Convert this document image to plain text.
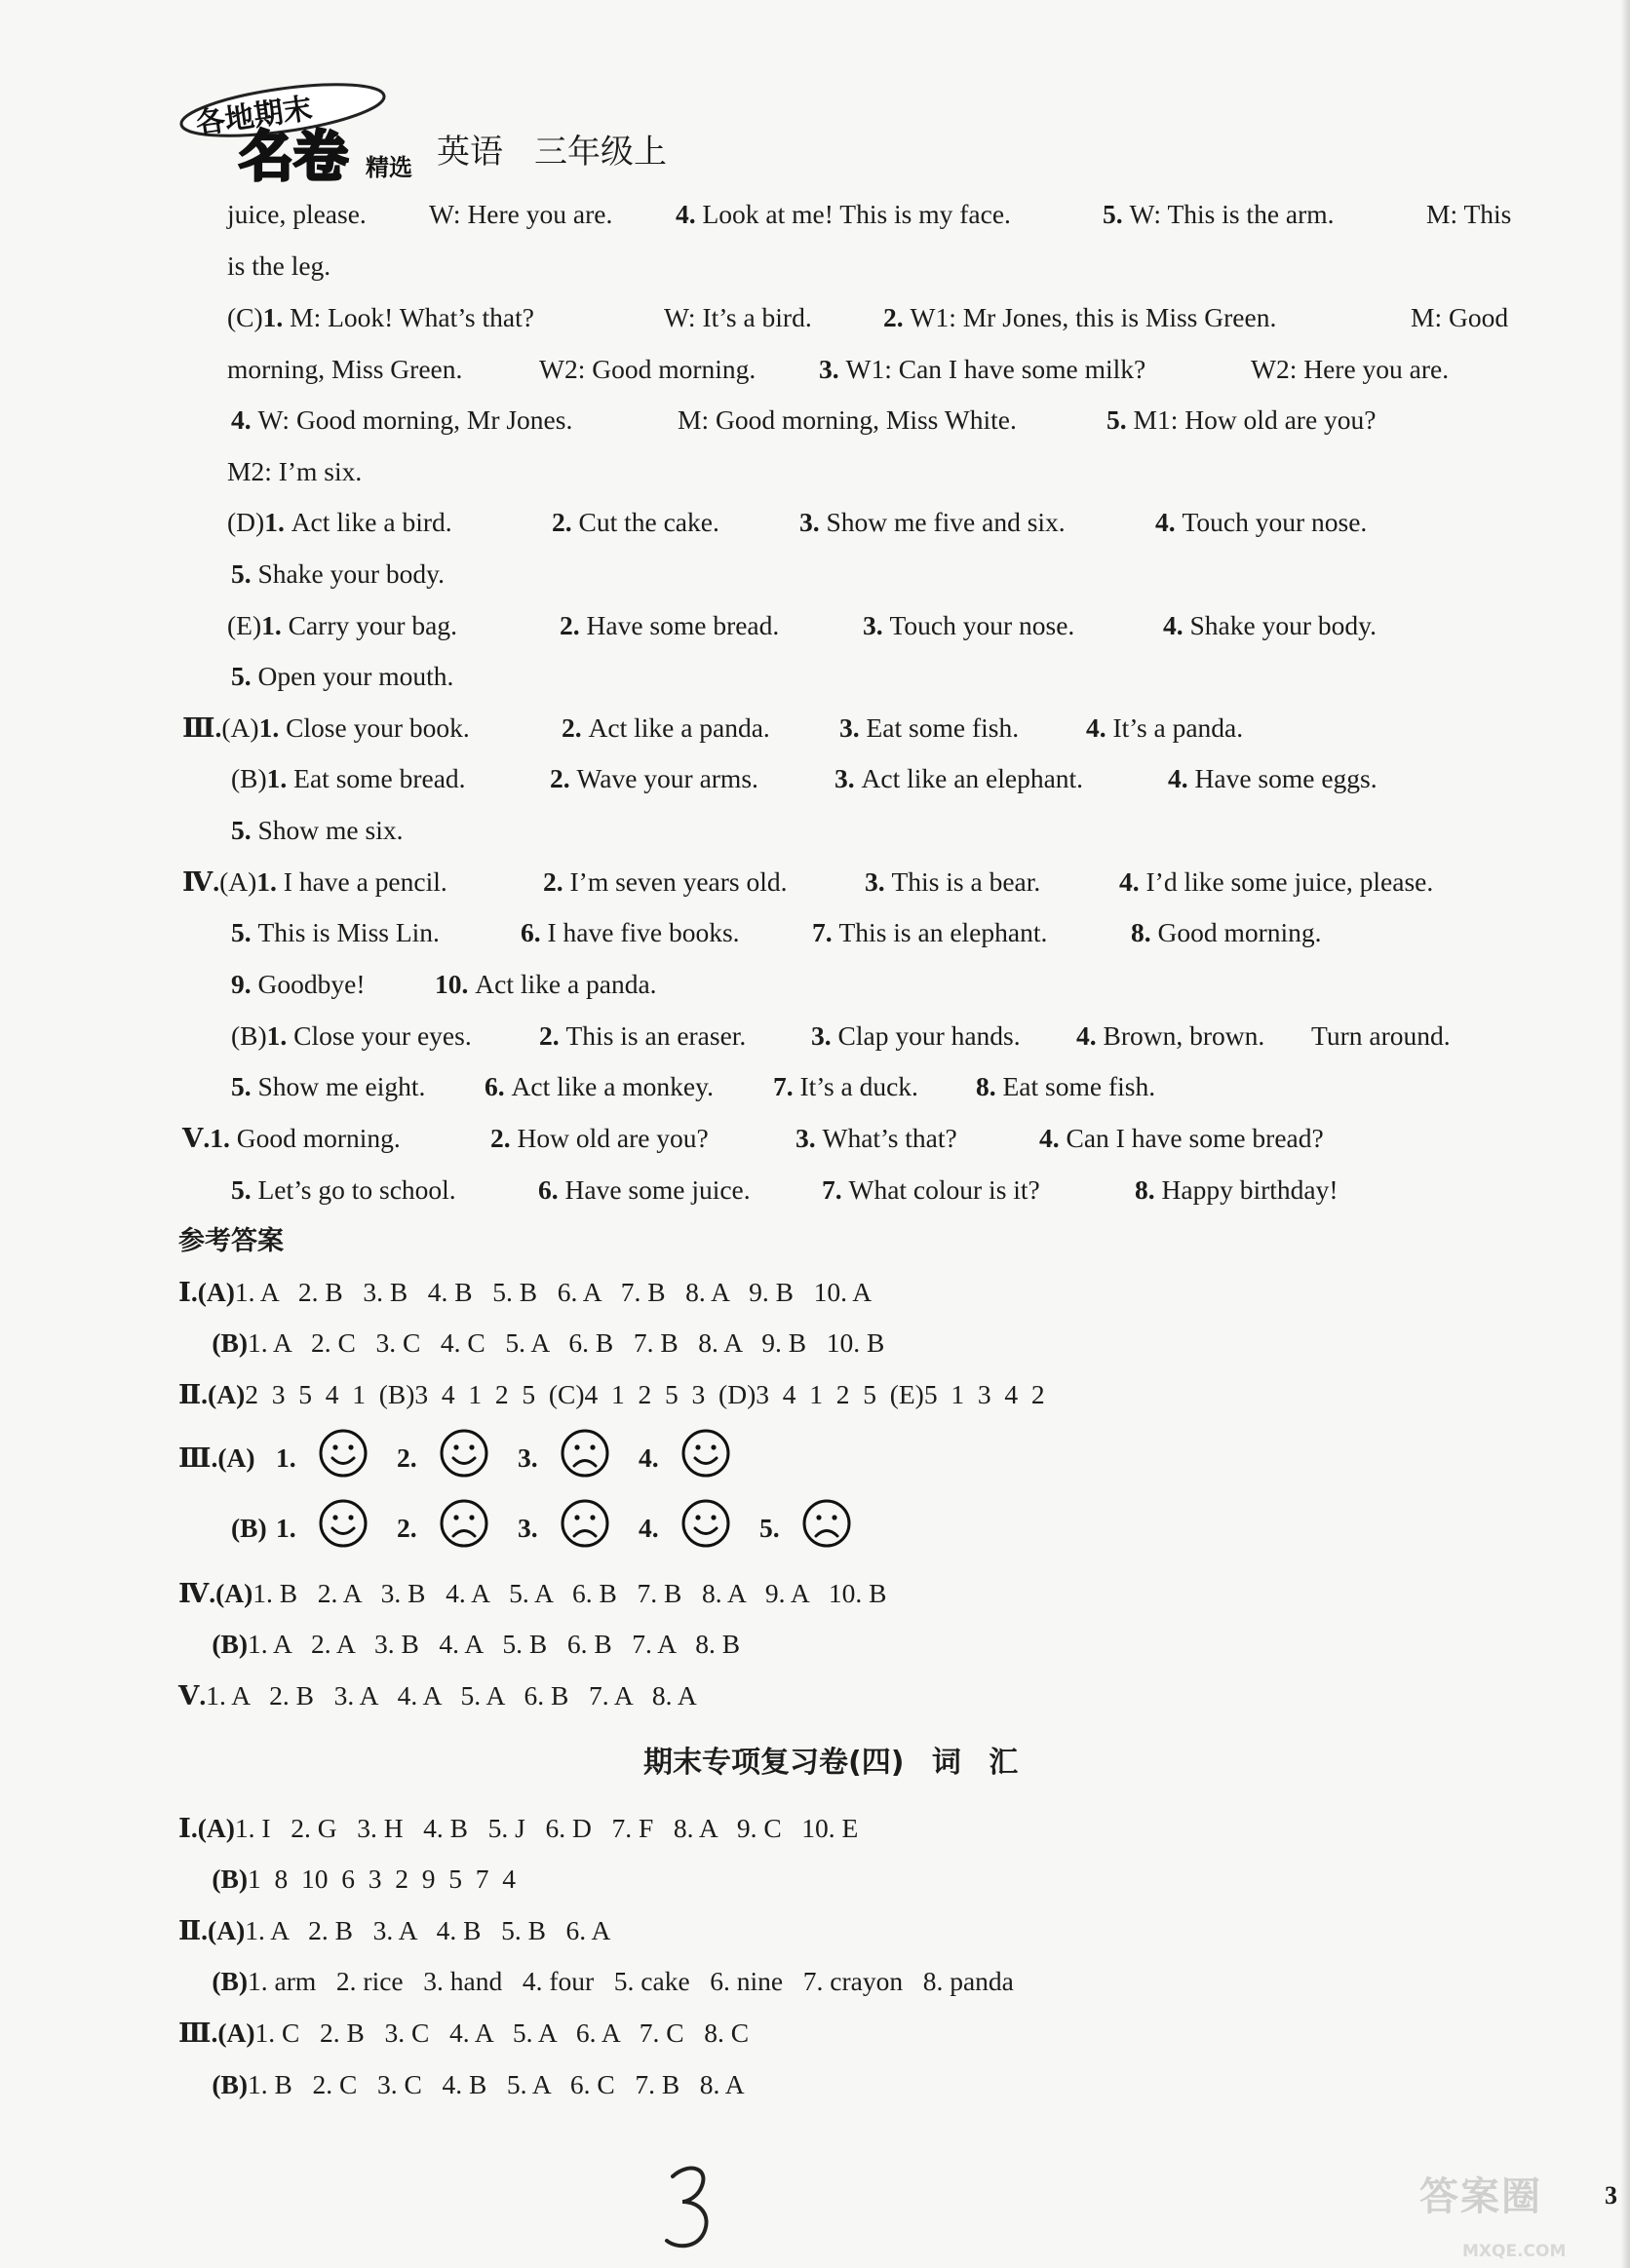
各地期末
名卷 精选 英语 三年级上
juice, please. W: Here you are. 4. Look at me! This is my face.	5. W: This is the arm.	M: This
is the leg.
(C)1. M: Look! What’s that?	W: It’s a bird.	2. W1: Mr Jones, this is Miss Green.	M: Good
morning, Miss Green.	W2: Good morning. 3. W1: Can I have some milk?	W2: Here you are.
4. W: Good morning, Mr Jones.	M: Good morning, Miss White.	5. M1: How old are you?
M2: I’m six.
(D)1. Act like a bird.	2. Cut the cake.	3. Show me five and six.	4. Touch your nose.
5. Shake your body.
(E)1. Carry your bag.	2. Have some bread.	3. Touch your nose.	4. Shake your body.
5. Open your mouth.
Ⅲ.(A)1. Close your book.	2. Act like a panda.	3. Eat some fish.	4. It’s a panda.
(B)1. Eat some bread.	2. Wave your arms.	3. Act like an elephant.	4. Have some eggs.
5. Show me six.
Ⅳ.(A)1. I have a pencil.	2. I’m seven years old.	3. This is a bear.	4. I’d like some juice, please.
5. This is Miss Lin.	6. I have five books.	7. This is an elephant.	8. Good morning.
9. Goodbye!	10. Act like a panda.
(B)1. Close your eyes.	2. This is an eraser. 3. Clap your hands. 4. Brown, brown. Turn around.
5. Show me eight. 6. Act like a monkey. 7. It’s a duck. 8. Eat some fish.
Ⅴ.1. Good morning.	2. How old are you?	3. What’s that?	4. Can I have some bread?
5. Let’s go to school.	6. Have some juice.	7. What colour is it?	8. Happy birthday!
参考答案
Ⅰ.(A)1. A   2. B   3. B   4. B   5. B   6. A   7. B   8. A   9. B   10. A
(B)1. A   2. C   3. C   4. C   5. A   6. B   7. B   8. A   9. B   10. B
Ⅱ.(A)2  3  5  4  1  (B)3  4  1  2  5  (C)4  1  2  5  3  (D)3  4  1  2  5  (E)5  1  3  4  2
Ⅳ.(A)1. B   2. A   3. B   4. A   5. A   6. B   7. B   8. A   9. A   10. B
(B)1. A   2. A   3. B   4. A   5. B   6. B   7. A   8. B
Ⅴ.1. A   2. B   3. A   4. A   5. A   6. B   7. A   8. A
Ⅲ.(A) 1.	2.	3.	4.
(B) 1.	2.	3.	4.	5.
期末专项复习卷(四) 词 汇
Ⅰ.(A)1. I   2. G   3. H   4. B   5. J   6. D   7. F   8. A   9. C   10. E
(B)1  8  10  6  3  2  9  5  7  4
Ⅱ.(A)1. A   2. B   3. A   4. B   5. B   6. A
(B)1. arm   2. rice   3. hand   4. four   5. cake   6. nine   7. crayon   8. panda
Ⅲ.(A)1. C   2. B   3. C   4. A   5. A   6. A   7. C   8. C
(B)1. B   2. C   3. C   4. B   5. A   6. C   7. B   8. A
答案圈
MXQE.COM
3
